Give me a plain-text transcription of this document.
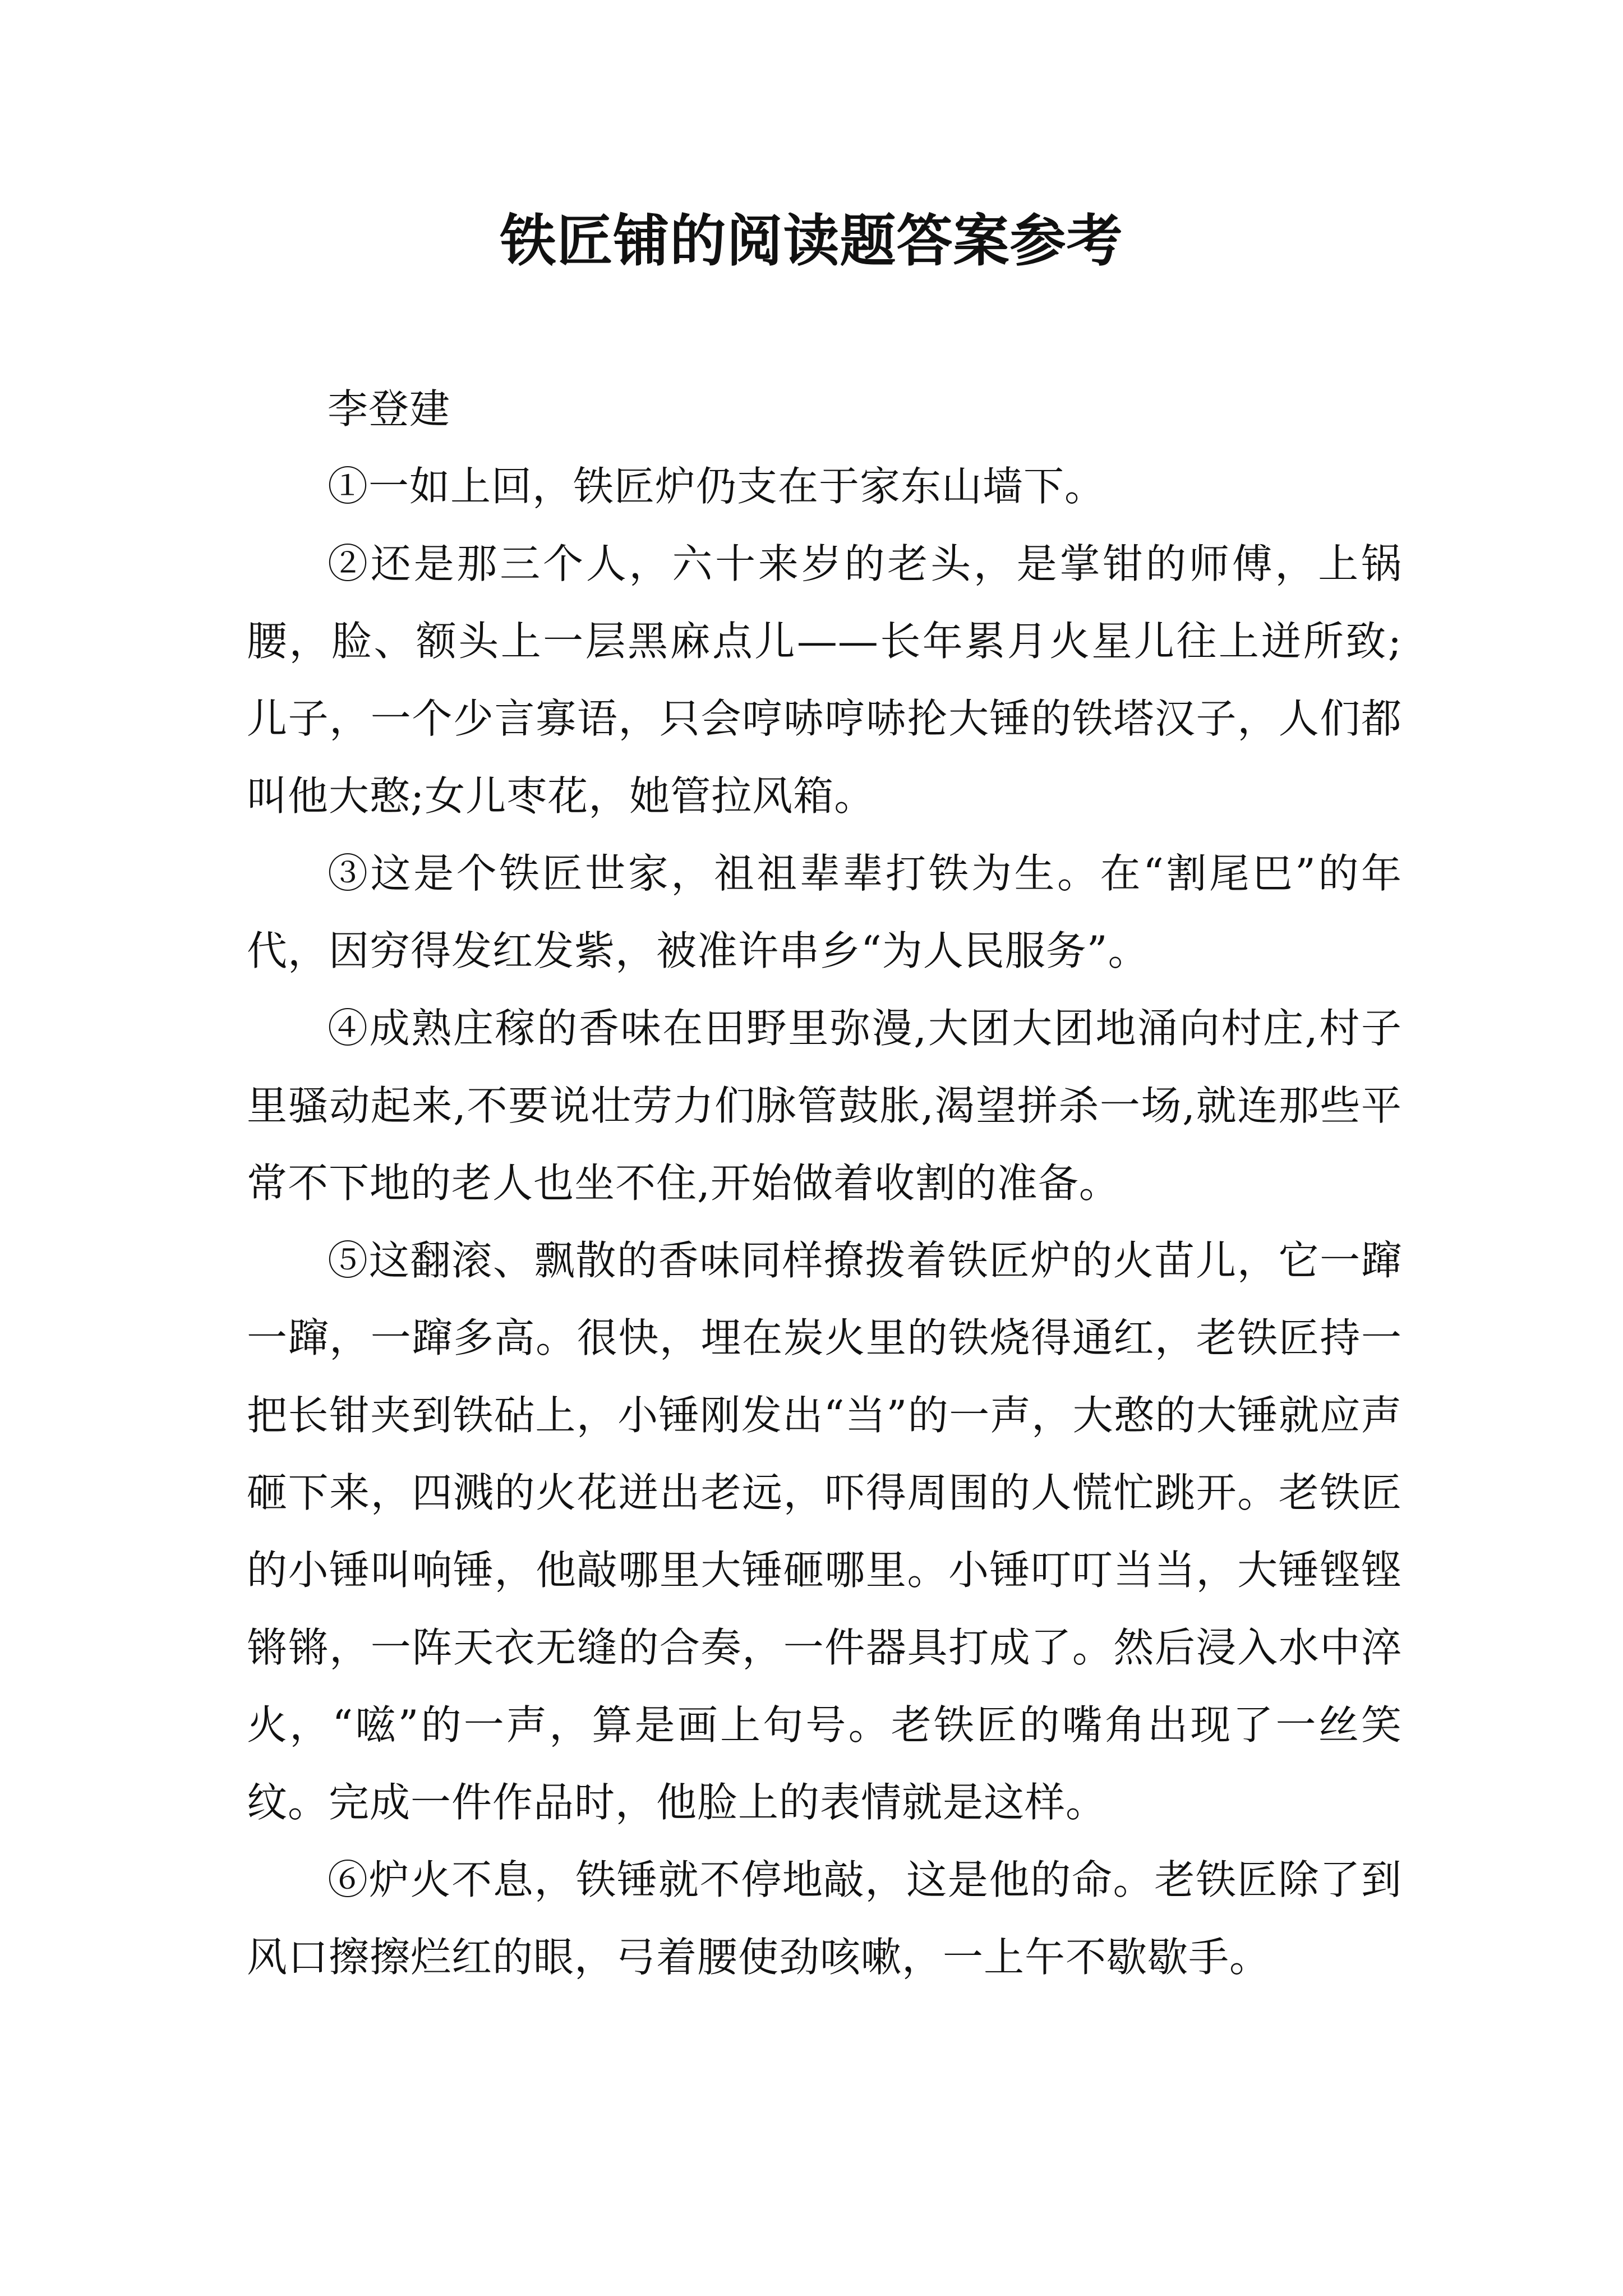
铁匠铺的阅读题答案参考

李登建

①一如上回，铁匠炉仍支在于家东山墙下。

②还是那三个人，六十来岁的老头，是掌钳的师傅，上锅腰，脸、额头上一层黑麻点儿——长年累月火星儿往上迸所致;儿子，一个少言寡语，只会哼哧哼哧抡大锤的铁塔汉子，人们都叫他大憨;女儿枣花，她管拉风箱。

③这是个铁匠世家，祖祖辈辈打铁为生。在“割尾巴”的年代，因穷得发红发紫，被准许串乡“为人民服务”。

④成熟庄稼的香味在田野里弥漫,大团大团地涌向村庄,村子里骚动起来,不要说壮劳力们脉管鼓胀,渴望拼杀一场,就连那些平常不下地的老人也坐不住,开始做着收割的准备。

⑤这翻滚、飘散的香味同样撩拨着铁匠炉的火苗儿，它一蹿一蹿，一蹿多高。很快，埋在炭火里的铁烧得通红，老铁匠持一把长钳夹到铁砧上，小锤刚发出“当”的一声，大憨的大锤就应声砸下来，四溅的火花迸出老远，吓得周围的人慌忙跳开。老铁匠的小锤叫响锤，他敲哪里大锤砸哪里。小锤叮叮当当，大锤铿铿锵锵，一阵天衣无缝的合奏，一件器具打成了。然后浸入水中淬火，“嗞”的一声，算是画上句号。老铁匠的嘴角出现了一丝笑纹。完成一件作品时，他脸上的表情就是这样。

⑥炉火不息，铁锤就不停地敲，这是他的命。老铁匠除了到风口擦擦烂红的眼，弓着腰使劲咳嗽，一上午不歇歇手。
